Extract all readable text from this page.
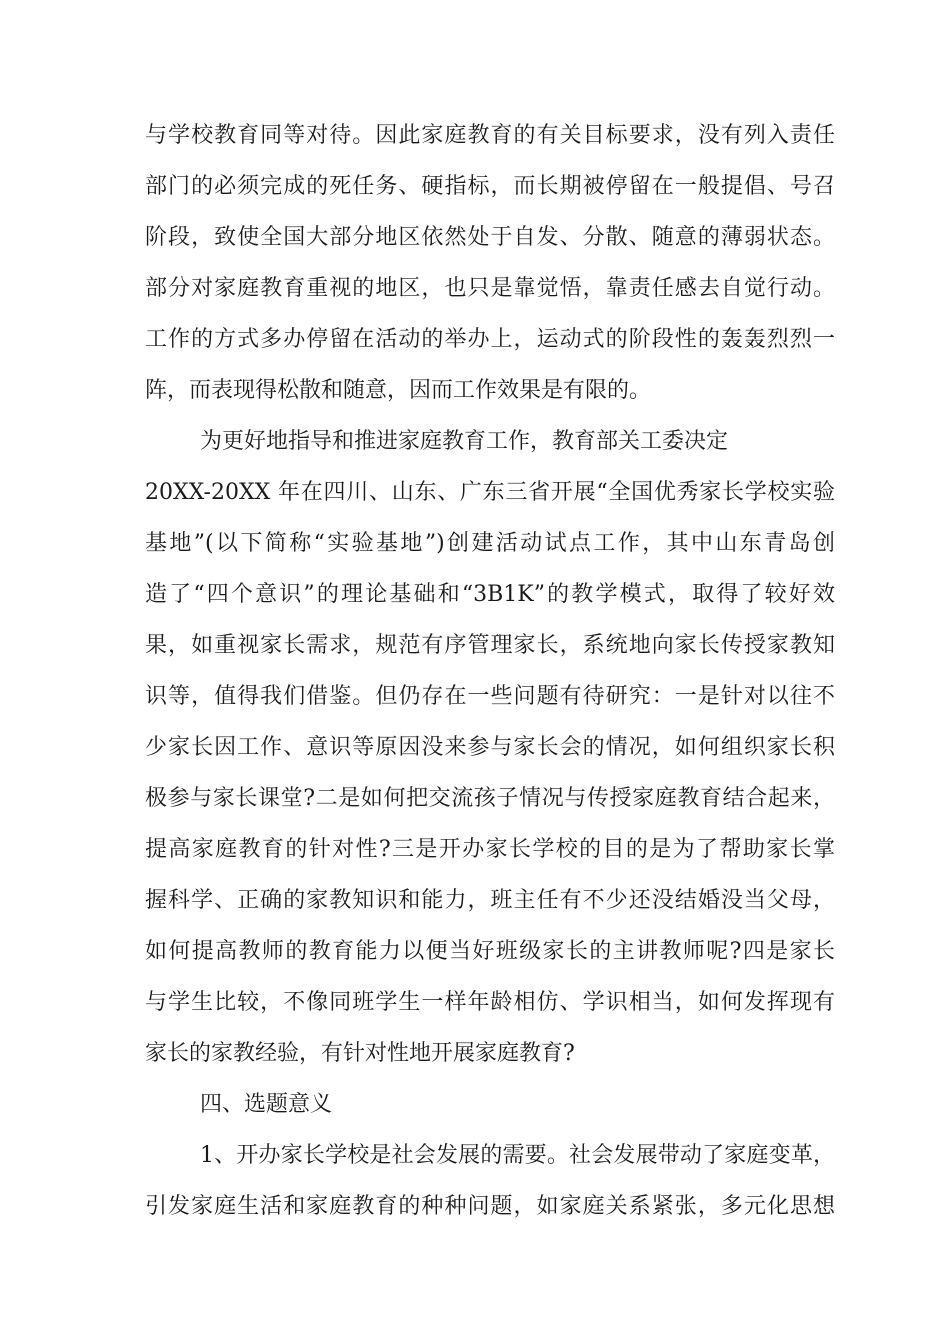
与学校教育同等对待。因此家庭教育的有关目标要求，没有列入责任
部门的必须完成的死任务、硬指标，而长期被停留在一般提倡、号召
阶段，致使全国大部分地区依然处于自发、分散、随意的薄弱状态。
部分对家庭教育重视的地区，也只是靠觉悟，靠责任感去自觉行动。
工作的方式多办停留在活动的举办上，运动式的阶段性的轰轰烈烈一
阵，而表现得松散和随意，因而工作效果是有限的。
为更好地指导和推进家庭教育工作，教育部关工委决定
20XX-20XX 年在四川、山东、广东三省开展“全国优秀家长学校实验
基地”(以下简称“实验基地”)创建活动试点工作，其中山东青岛创
造了“四个意识”的理论基础和“3B1K”的教学模式，取得了较好效
果，如重视家长需求，规范有序管理家长，系统地向家长传授家教知
识等，值得我们借鉴。但仍存在一些问题有待研究：一是针对以往不
少家长因工作、意识等原因没来参与家长会的情况，如何组织家长积
极参与家长课堂?二是如何把交流孩子情况与传授家庭教育结合起来，
提高家庭教育的针对性?三是开办家长学校的目的是为了帮助家长掌
握科学、正确的家教知识和能力，班主任有不少还没结婚没当父母，
如何提高教师的教育能力以便当好班级家长的主讲教师呢?四是家长
与学生比较，不像同班学生一样年龄相仿、学识相当，如何发挥现有
家长的家教经验，有针对性地开展家庭教育?
四、选题意义
1、开办家长学校是社会发展的需要。社会发展带动了家庭变革，
引发家庭生活和家庭教育的种种问题，如家庭关系紧张，多元化思想
